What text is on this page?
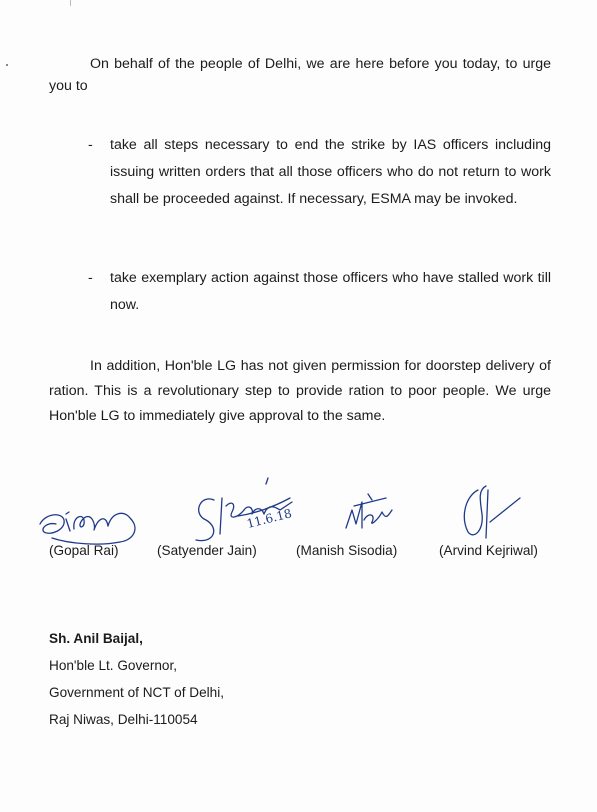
On behalf of the people of Delhi, we are here before you today, to urge you to
-	take all steps necessary to end the strike by IAS officers including issuing written orders that all those officers who do not return to work shall be proceeded against. If necessary, ESMA may be invoked.
-	take exemplary action against those officers who have stalled work till now.
In addition, Hon'ble LG has not given permission for doorstep delivery of ration. This is a revolutionary step to provide ration to poor people. We urge Hon'ble LG to immediately give approval to the same.
11.6.18
(Gopal Rai)	(Satyender Jain)	(Manish Sisodia)	(Arvind Kejriwal)
Sh. Anil Baijal,
Hon'ble Lt. Governor,
Government of NCT of Delhi,
Raj Niwas, Delhi-110054
